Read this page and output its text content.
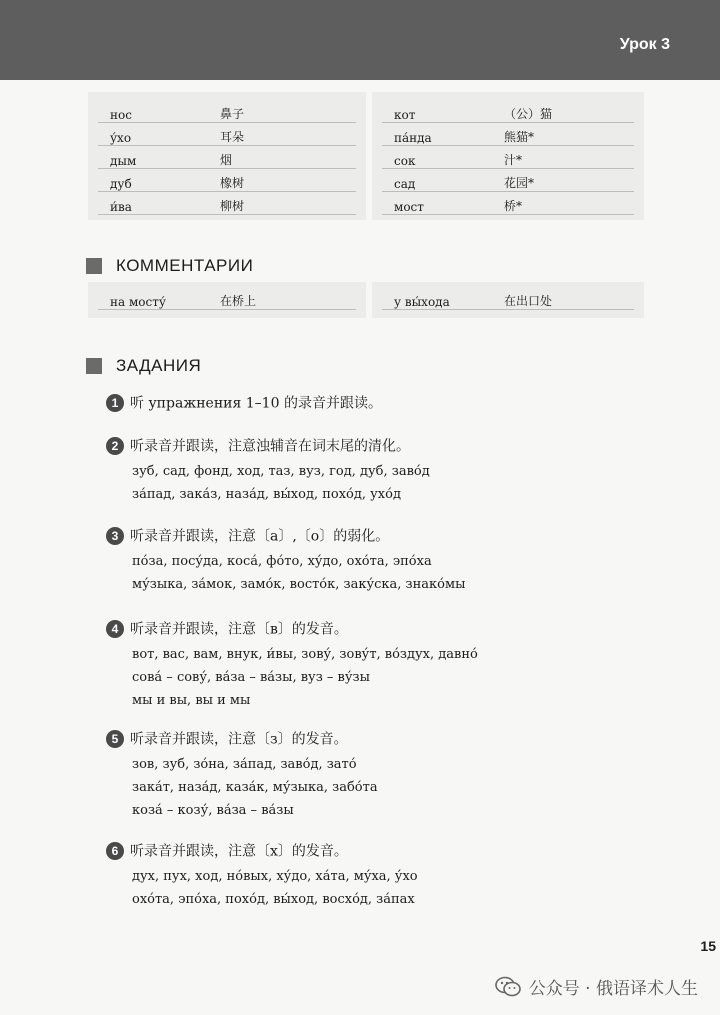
Урок 3
нос	鼻子
у́хо	耳朵
дым	烟
дуб	橡树
и́ва	柳树
кот	（公）猫
па́нда	熊猫*
сок	汁*
сад	花园*
мост	桥*
КОММЕНТАРИИ
на мосту́	在桥上	у вы́хода	在出口处
ЗАДАНИЯ
1 听 упражнения 1–10 的录音并跟读。
2 听录音并跟读，注意浊辅音在词末尾的清化。
зуб, сад, фонд, ход, таз, вуз, год, дуб, заво́д
за́пад, зака́з, наза́д, вы́ход, похо́д, ухо́д
3 听录音并跟读，注意〔a〕,〔o〕的弱化。
по́за, посу́да, коса́, фо́то, ху́до, охо́та, эпо́ха
му́зыка, за́мок, замо́к, восто́к, заку́ска, знако́мы
4 听录音并跟读，注意〔в〕的发音。
вот, вас, вам, внук, и́вы, зову́, зову́т, во́здух, давно́
сова́ – сову́, ва́за – ва́зы, вуз – ву́зы
мы и вы, вы и мы
5 听录音并跟读，注意〔з〕的发音。
зов, зуб, зо́на, за́пад, заво́д, зато́
зака́т, наза́д, каза́к, му́зыка, забо́та
коза́ – козу́, ва́за – ва́зы
6 听录音并跟读，注意〔x〕的发音。
дух, пух, ход, но́вых, ху́до, ха́та, му́ха, у́хо
охо́та, эпо́ха, похо́д, вы́ход, восхо́д, за́пах
15
公众号 · 俄语译术人生
